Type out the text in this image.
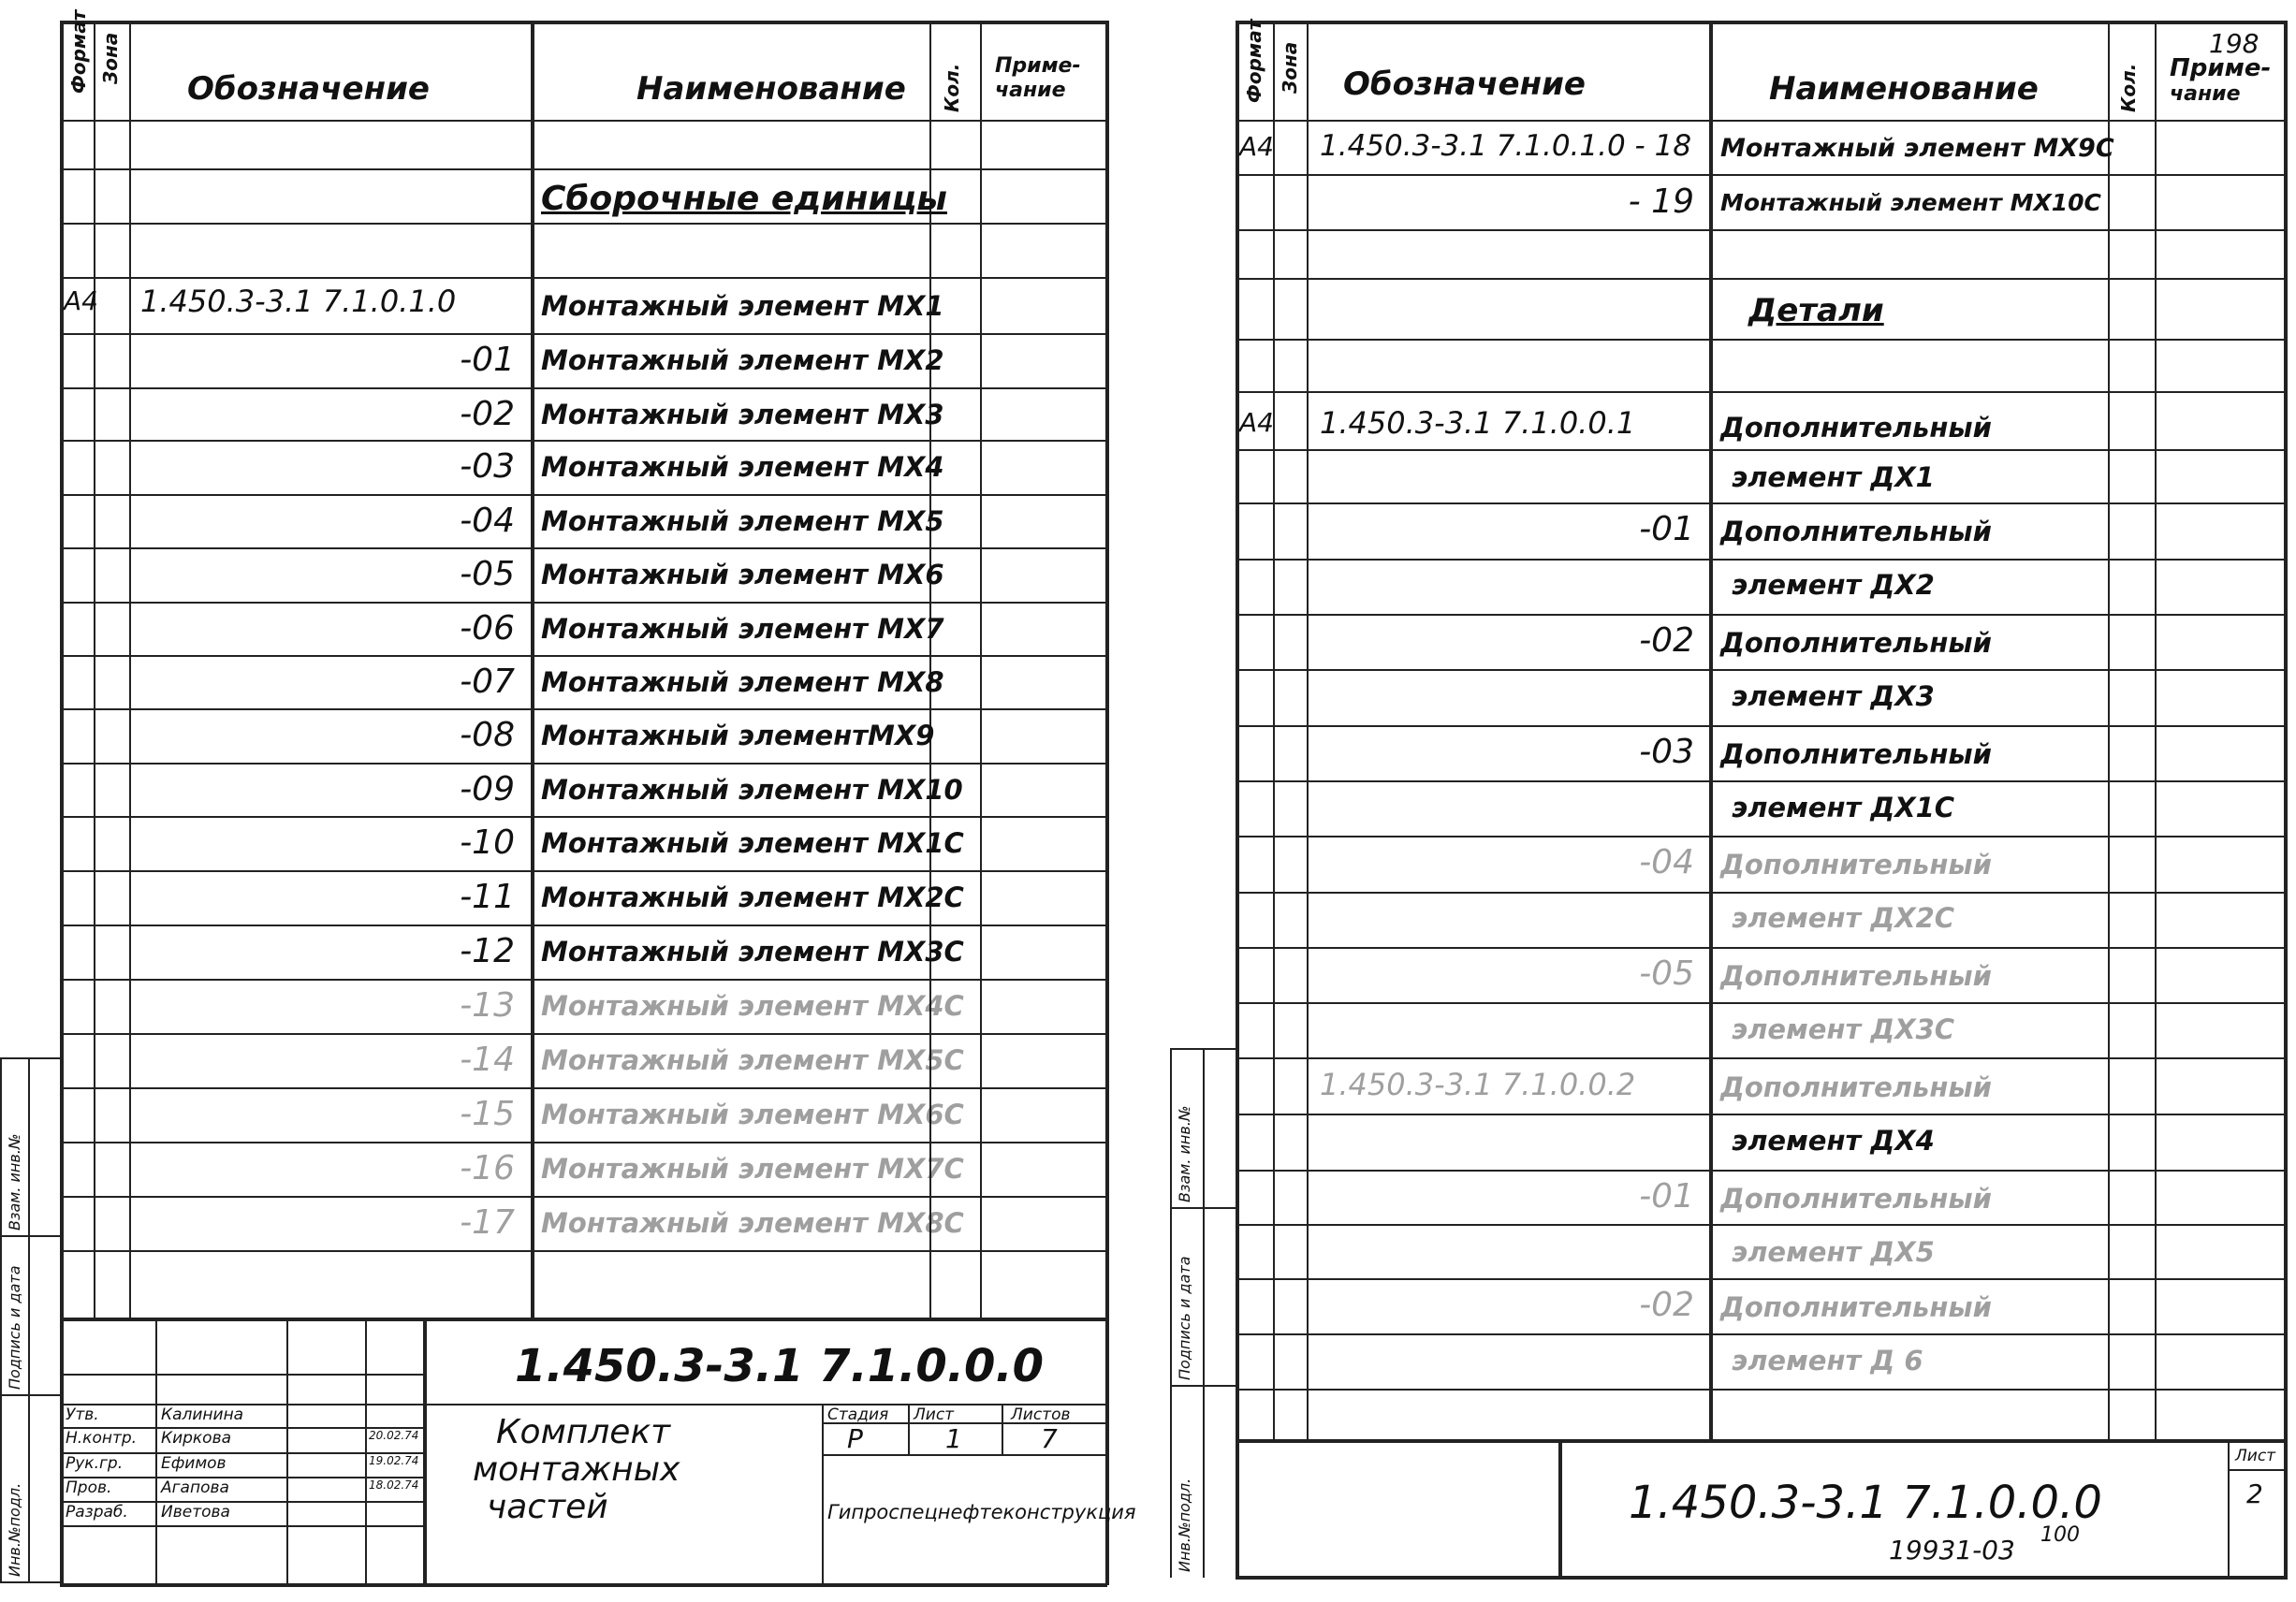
Формат Зона
Обозначение	Наименование Кол. Приме-
чание
Сборочные единицы
А4 1.450.3-3.1 7.1.0.1.0	Монтажный элемент МХ1
-01 Монтажный элемент МХ2
-02 Монтажный элемент МХ3
-03 Монтажный элемент МХ4
-04 Монтажный элемент МХ5
-05 Монтажный элемент МХ6
-06 Монтажный элемент МХ7
-07 Монтажный элемент МХ8
-08 Монтажный элементМХ9
-09 Монтажный элемент МХ10
-10 Монтажный элемент МХ1С
-11 Монтажный элемент МХ2С
-12 Монтажный элемент МХ3С
-13 Монтажный элемент МХ4С
-14 Монтажный элемент МХ5С
-15 Монтажный элемент МХ6С
-16 Монтажный элемент МХ7С
-17 Монтажный элемент МХ8С
1.450.3-3.1 7.1.0.0.0
Комплект
монтажных
частей
Стадия Лист	Листов
Р	1	7
Гипроспецнефтеконструкция
Утв.	Калинина
Н.контр. Киркова	20.02.74
Рук.гр. Ефимов	19.02.74
Пров.	Агапова	18.02.74
Разраб. Иветова
Инв.№подл.
Подпись и дата
Взам. инв.№
Формат Зона Обозначение	Наименование	Кол.
198
Приме-
чание
А4 1.450.3-3.1 7.1.0.1.0 - 18 Монтажный элемент МХ9С
- 19 Монтажный элемент МХ10С
Детали
А4 1.450.3-3.1 7.1.0.0.1	Дополнительный
элемент ДХ1
-01 Дополнительный
элемент ДХ2
-02 Дополнительный
элемент ДХ3
-03 Дополнительный
элемент ДХ1С
-04 Дополнительный
элемент ДХ2С
-05 Дополнительный
элемент ДХ3С
1.450.3-3.1 7.1.0.0.2	Дополнительный
элемент ДХ4
-01 Дополнительный
элемент ДХ5
-02 Дополнительный
элемент Д 6
1.450.3-3.1 7.1.0.0.0
Лист
2
19931-03 100
Инв.№подл.
Подпись и дата
Взам. инв.№
